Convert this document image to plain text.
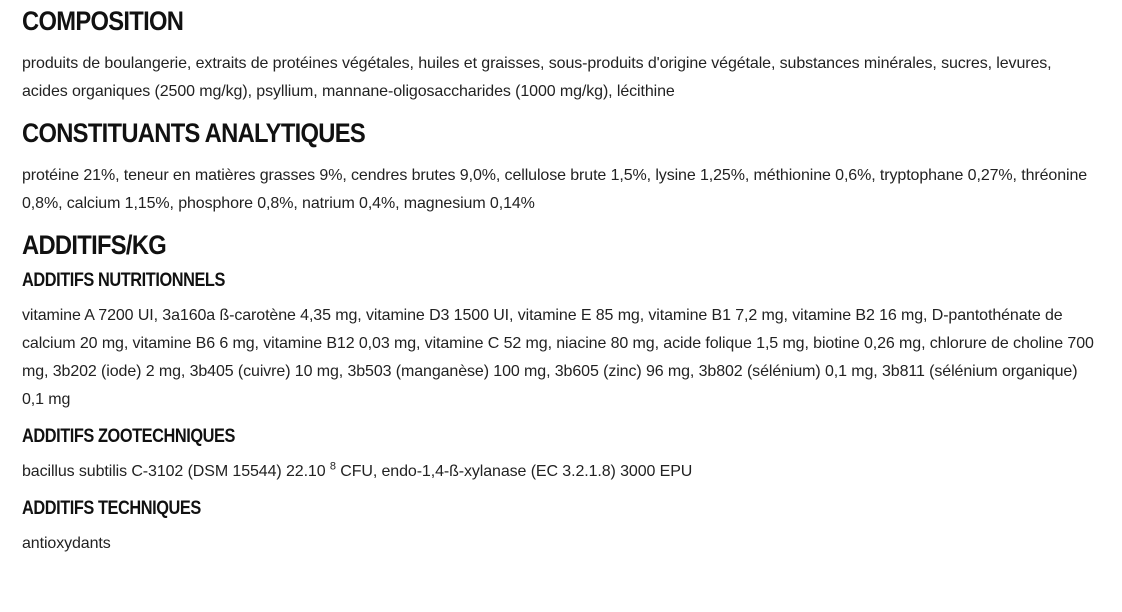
COMPOSITION

produits de boulangerie, extraits de protéines végétales, huiles et graisses, sous-produits d'origine végétale, substances minérales, sucres, levures, acides organiques (2500 mg/kg), psyllium, mannane-oligosaccharides (1000 mg/kg), lécithine

CONSTITUANTS ANALYTIQUES

protéine 21%, teneur en matières grasses 9%, cendres brutes 9,0%, cellulose brute 1,5%, lysine 1,25%, méthionine 0,6%, tryptophane 0,27%, thréonine 0,8%, calcium 1,15%, phosphore 0,8%, natrium 0,4%, magnesium 0,14%

ADDITIFS/KG
ADDITIFS NUTRITIONNELS

vitamine A 7200 UI, 3a160a ß-carotène 4,35 mg, vitamine D3 1500 UI, vitamine E 85 mg, vitamine B1 7,2 mg, vitamine B2 16 mg, D-pantothénate de calcium 20 mg, vitamine B6 6 mg, vitamine B12 0,03 mg, vitamine C 52 mg, niacine 80 mg, acide folique 1,5 mg, biotine 0,26 mg, chlorure de choline 700 mg, 3b202 (iode) 2 mg, 3b405 (cuivre) 10 mg, 3b503 (manganèse) 100 mg, 3b605 (zinc) 96 mg, 3b802 (sélénium) 0,1 mg, 3b811 (sélénium organique) 0,1 mg

ADDITIFS ZOOTECHNIQUES

bacillus subtilis C-3102 (DSM 15544) 22.10 $^8$ CFU, endo-1,4-ß-xylanase (EC 3.2.1.8) 3000 EPU

ADDITIFS TECHNIQUES

antioxydants
